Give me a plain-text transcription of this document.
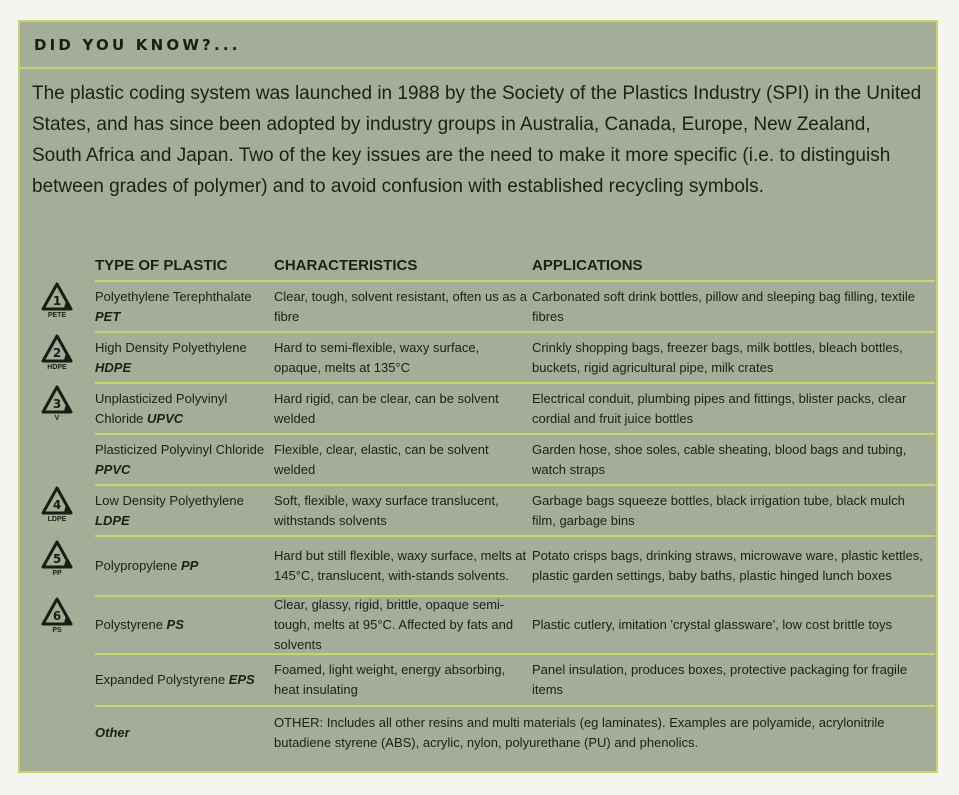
DID YOU KNOW?...

The plastic coding system was launched in 1988 by the Society of the Plastics Industry (SPI) in the United States, and has since been adopted by industry groups in Australia, Canada, Europe, New Zealand, South Africa and Japan. Two of the key issues are the need to make it more specific (i.e. to distinguish between grades of polymer) and to avoid confusion with established recycling symbols.

TYPE OF PLASTIC	CHARACTERISTICS	APPLICATIONS
Polyethylene Terephthalate PET
Clear, tough, solvent resistant, often us as a fibre
Carbonated soft drink bottles, pillow and sleeping bag filling, textile fibres
High Density Polyethylene
HDPE
Hard to semi-flexible, waxy surface, opaque, melts at 135°C
Crinkly shopping bags, freezer bags, milk bottles, bleach bottles, buckets, rigid agricultural pipe, milk crates
Unplasticized Polyvinyl Chloride UPVC
Hard rigid, can be clear, can be solvent welded
Electrical conduit, plumbing pipes and fittings, blister packs, clear cordial and fruit juice bottles
Plasticized Polyvinyl Chloride PPVC
Flexible, clear, elastic, can be solvent welded
Garden hose, shoe soles, cable sheating, blood bags and tubing, watch straps
Low Density Polyethylene LDPE
Soft, flexible, waxy surface translucent, withstands solvents
Garbage bags squeeze bottles, black irrigation tube, black mulch film, garbage bins
Polypropylene PP
Hard but still flexible, waxy surface, melts at 145°C, translucent, with-stands solvents.
Potato crisps bags, drinking straws, microwave ware, plastic kettles, plastic garden settings, baby baths, plastic hinged lunch boxes
Polystyrene PS
Clear, glassy, rigid, brittle, opaque semi-tough, melts at 95°C. Affected by fats and solvents
Plastic cutlery, imitation 'crystal glassware', low cost brittle toys
Expanded Polystyrene EPS
Foamed, light weight, energy absorbing, heat insulating
Panel insulation, produces boxes, protective packaging for fragile items
Other
OTHER: Includes all other resins and multi materials (eg laminates). Examples are polyamide, acrylonitrile butadiene styrene (ABS), acrylic, nylon, polyurethane (PU) and phenolics.
1
PETE
2
HDPE
3
V
4
LDPE
5
PP
6
PS
